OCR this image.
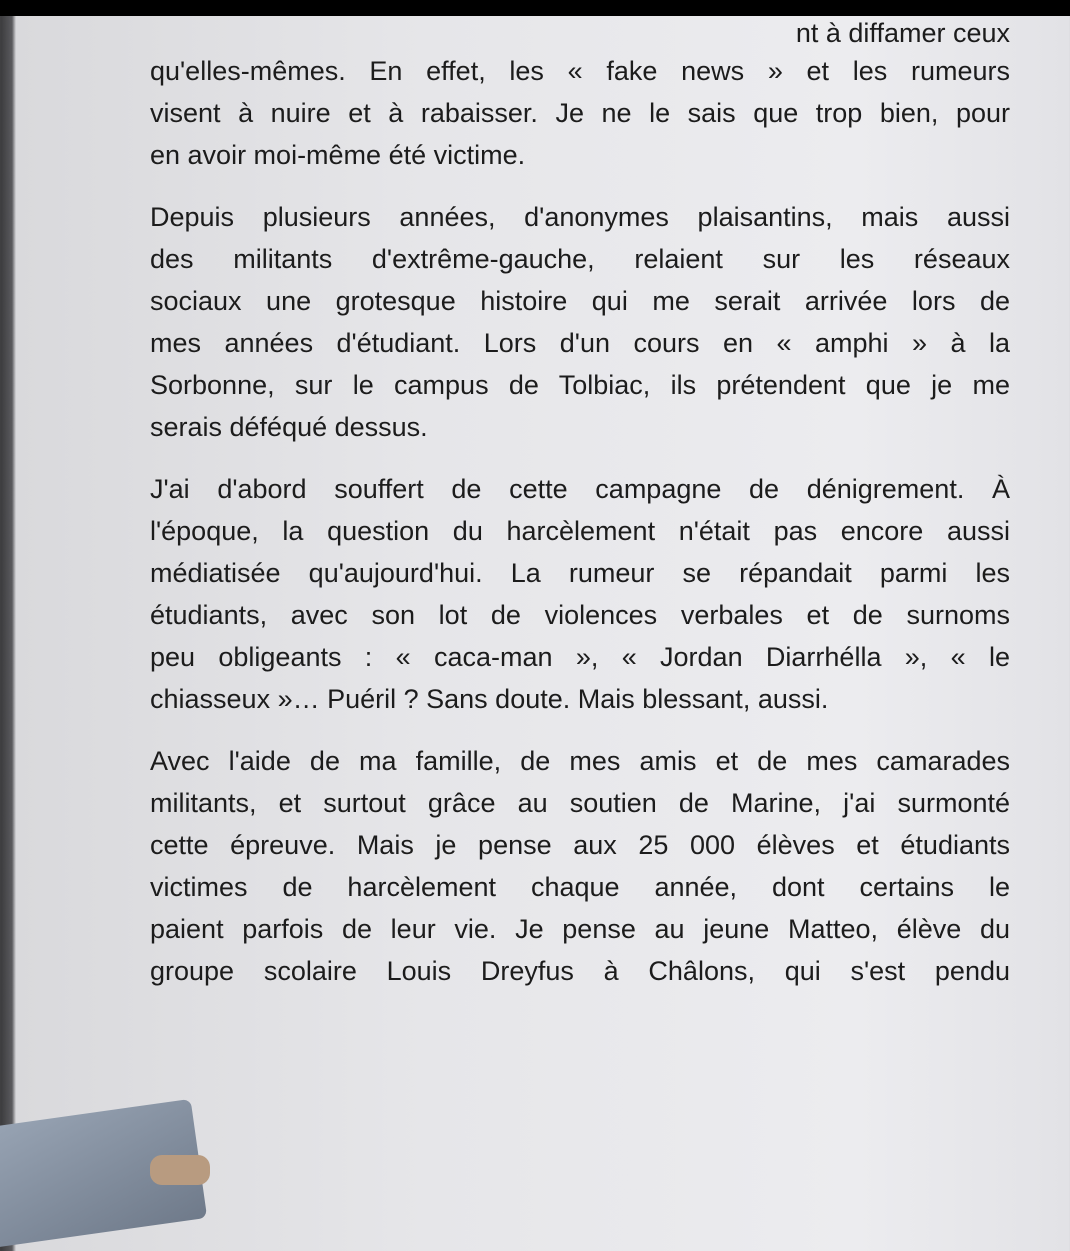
nt à diffamer ceux
qu'elles-mêmes. En effet, les « fake news » et les rumeurs
visent à nuire et à rabaisser. Je ne le sais que trop bien, pour
en avoir moi-même été victime.
Depuis plusieurs années, d'anonymes plaisantins, mais aussi
des militants d'extrême-gauche, relaient sur les réseaux
sociaux une grotesque histoire qui me serait arrivée lors de
mes années d'étudiant. Lors d'un cours en « amphi » à la
Sorbonne, sur le campus de Tolbiac, ils prétendent que je me
serais déféqué dessus.
J'ai d'abord souffert de cette campagne de dénigrement. À
l'époque, la question du harcèlement n'était pas encore aussi
médiatisée qu'aujourd'hui. La rumeur se répandait parmi les
étudiants, avec son lot de violences verbales et de surnoms
peu obligeants : « caca-man », « Jordan Diarrhélla », « le
chiasseux »… Puéril ? Sans doute. Mais blessant, aussi.
Avec l'aide de ma famille, de mes amis et de mes camarades
militants, et surtout grâce au soutien de Marine, j'ai surmonté
cette épreuve. Mais je pense aux 25 000 élèves et étudiants
victimes de harcèlement chaque année, dont certains le
paient parfois de leur vie. Je pense au jeune Matteo, élève du
groupe scolaire Louis Dreyfus à Châlons, qui s'est pendu
